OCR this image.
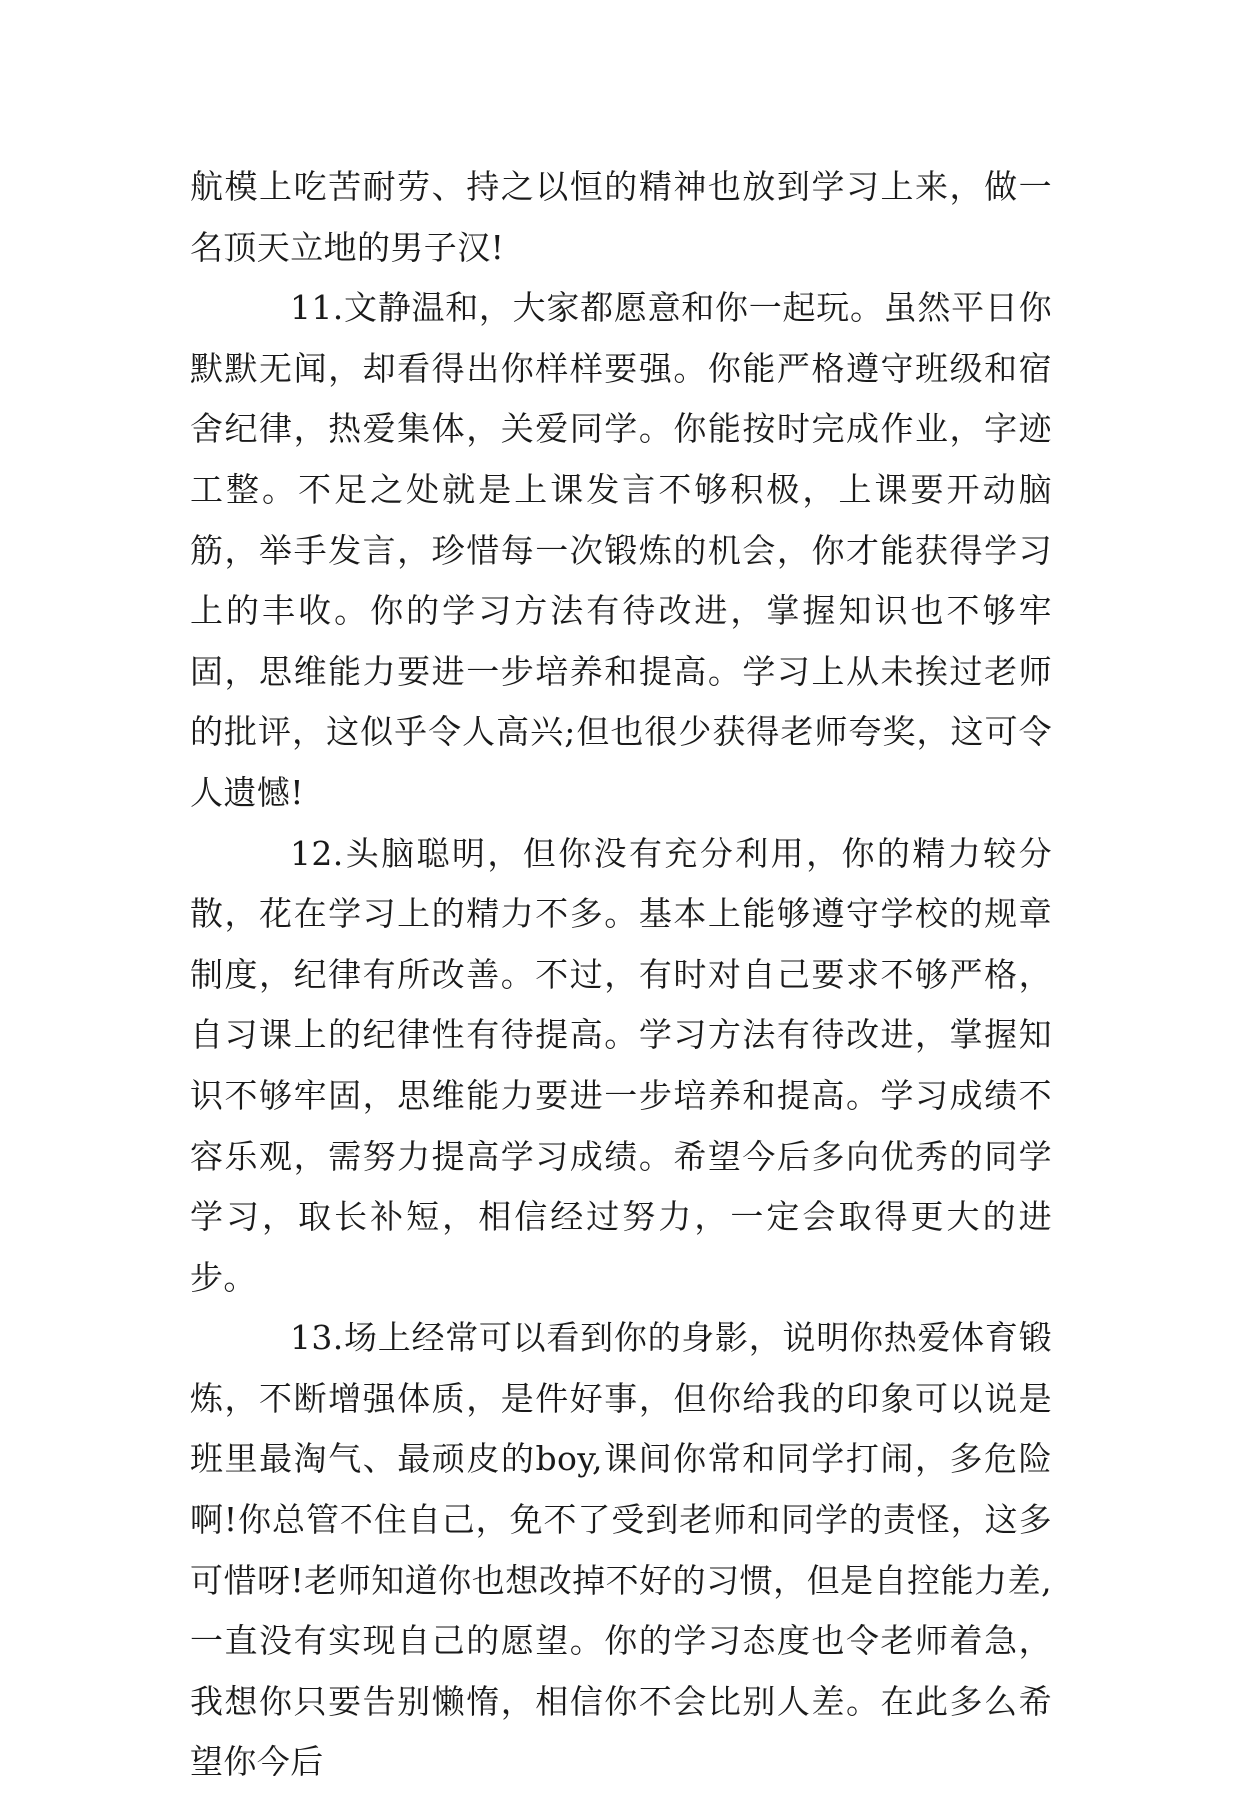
航模上吃苦耐劳、持之以恒的精神也放到学习上来，做一名顶天立地的男子汉!

11.文静温和，大家都愿意和你一起玩。虽然平日你默默无闻，却看得出你样样要强。你能严格遵守班级和宿舍纪律，热爱集体，关爱同学。你能按时完成作业，字迹工整。不足之处就是上课发言不够积极，上课要开动脑筋，举手发言，珍惜每一次锻炼的机会，你才能获得学习上的丰收。你的学习方法有待改进，掌握知识也不够牢固，思维能力要进一步培养和提高。学习上从未挨过老师的批评，这似乎令人高兴;但也很少获得老师夸奖，这可令人遗憾!

12.头脑聪明，但你没有充分利用，你的精力较分散，花在学习上的精力不多。基本上能够遵守学校的规章制度，纪律有所改善。不过，有时对自己要求不够严格，自习课上的纪律性有待提高。学习方法有待改进，掌握知识不够牢固，思维能力要进一步培养和提高。学习成绩不容乐观，需努力提高学习成绩。希望今后多向优秀的同学学习，取长补短，相信经过努力，一定会取得更大的进步。

13.场上经常可以看到你的身影，说明你热爱体育锻炼，不断增强体质，是件好事，但你给我的印象可以说是班里最淘气、最顽皮的boy,课间你常和同学打闹，多危险啊!你总管不住自己，免不了受到老师和同学的责怪，这多可惜呀!老师知道你也想改掉不好的习惯，但是自控能力差,一直没有实现自己的愿望。你的学习态度也令老师着急，我想你只要告别懒惰，相信你不会比别人差。在此多么希望你今后
